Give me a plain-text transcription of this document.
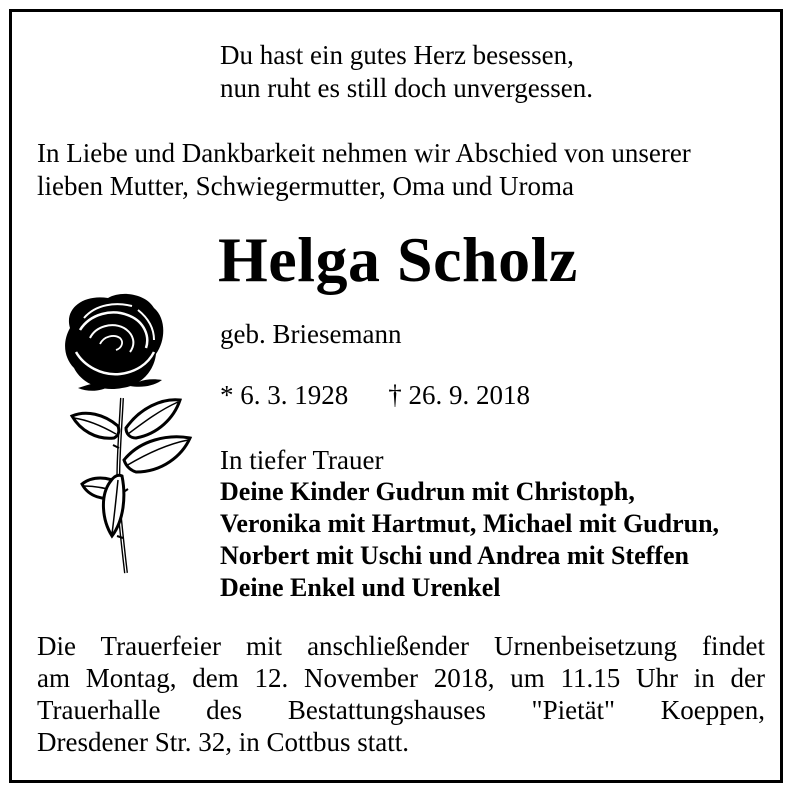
Du hast ein gutes Herz besessen,
nun ruht es still doch unvergessen.
In Liebe und Dankbarkeit nehmen wir Abschied von unserer
lieben Mutter, Schwiegermutter, Oma und Uroma
Helga Scholz
geb. Briesemann
* 6. 3. 1928 † 26. 9. 2018
In tiefer Trauer
Deine Kinder Gudrun mit Christoph,
Veronika mit Hartmut, Michael mit Gudrun,
Norbert mit Uschi und Andrea mit Steffen
Deine Enkel und Urenkel
Die Trauerfeier mit anschließender Urnenbeisetzung findet
am Montag, dem 12. November 2018, um 11.15 Uhr in der
Trauerhalle des Bestattungshauses "Pietät" Koeppen,
Dresdener Str. 32, in Cottbus statt.
